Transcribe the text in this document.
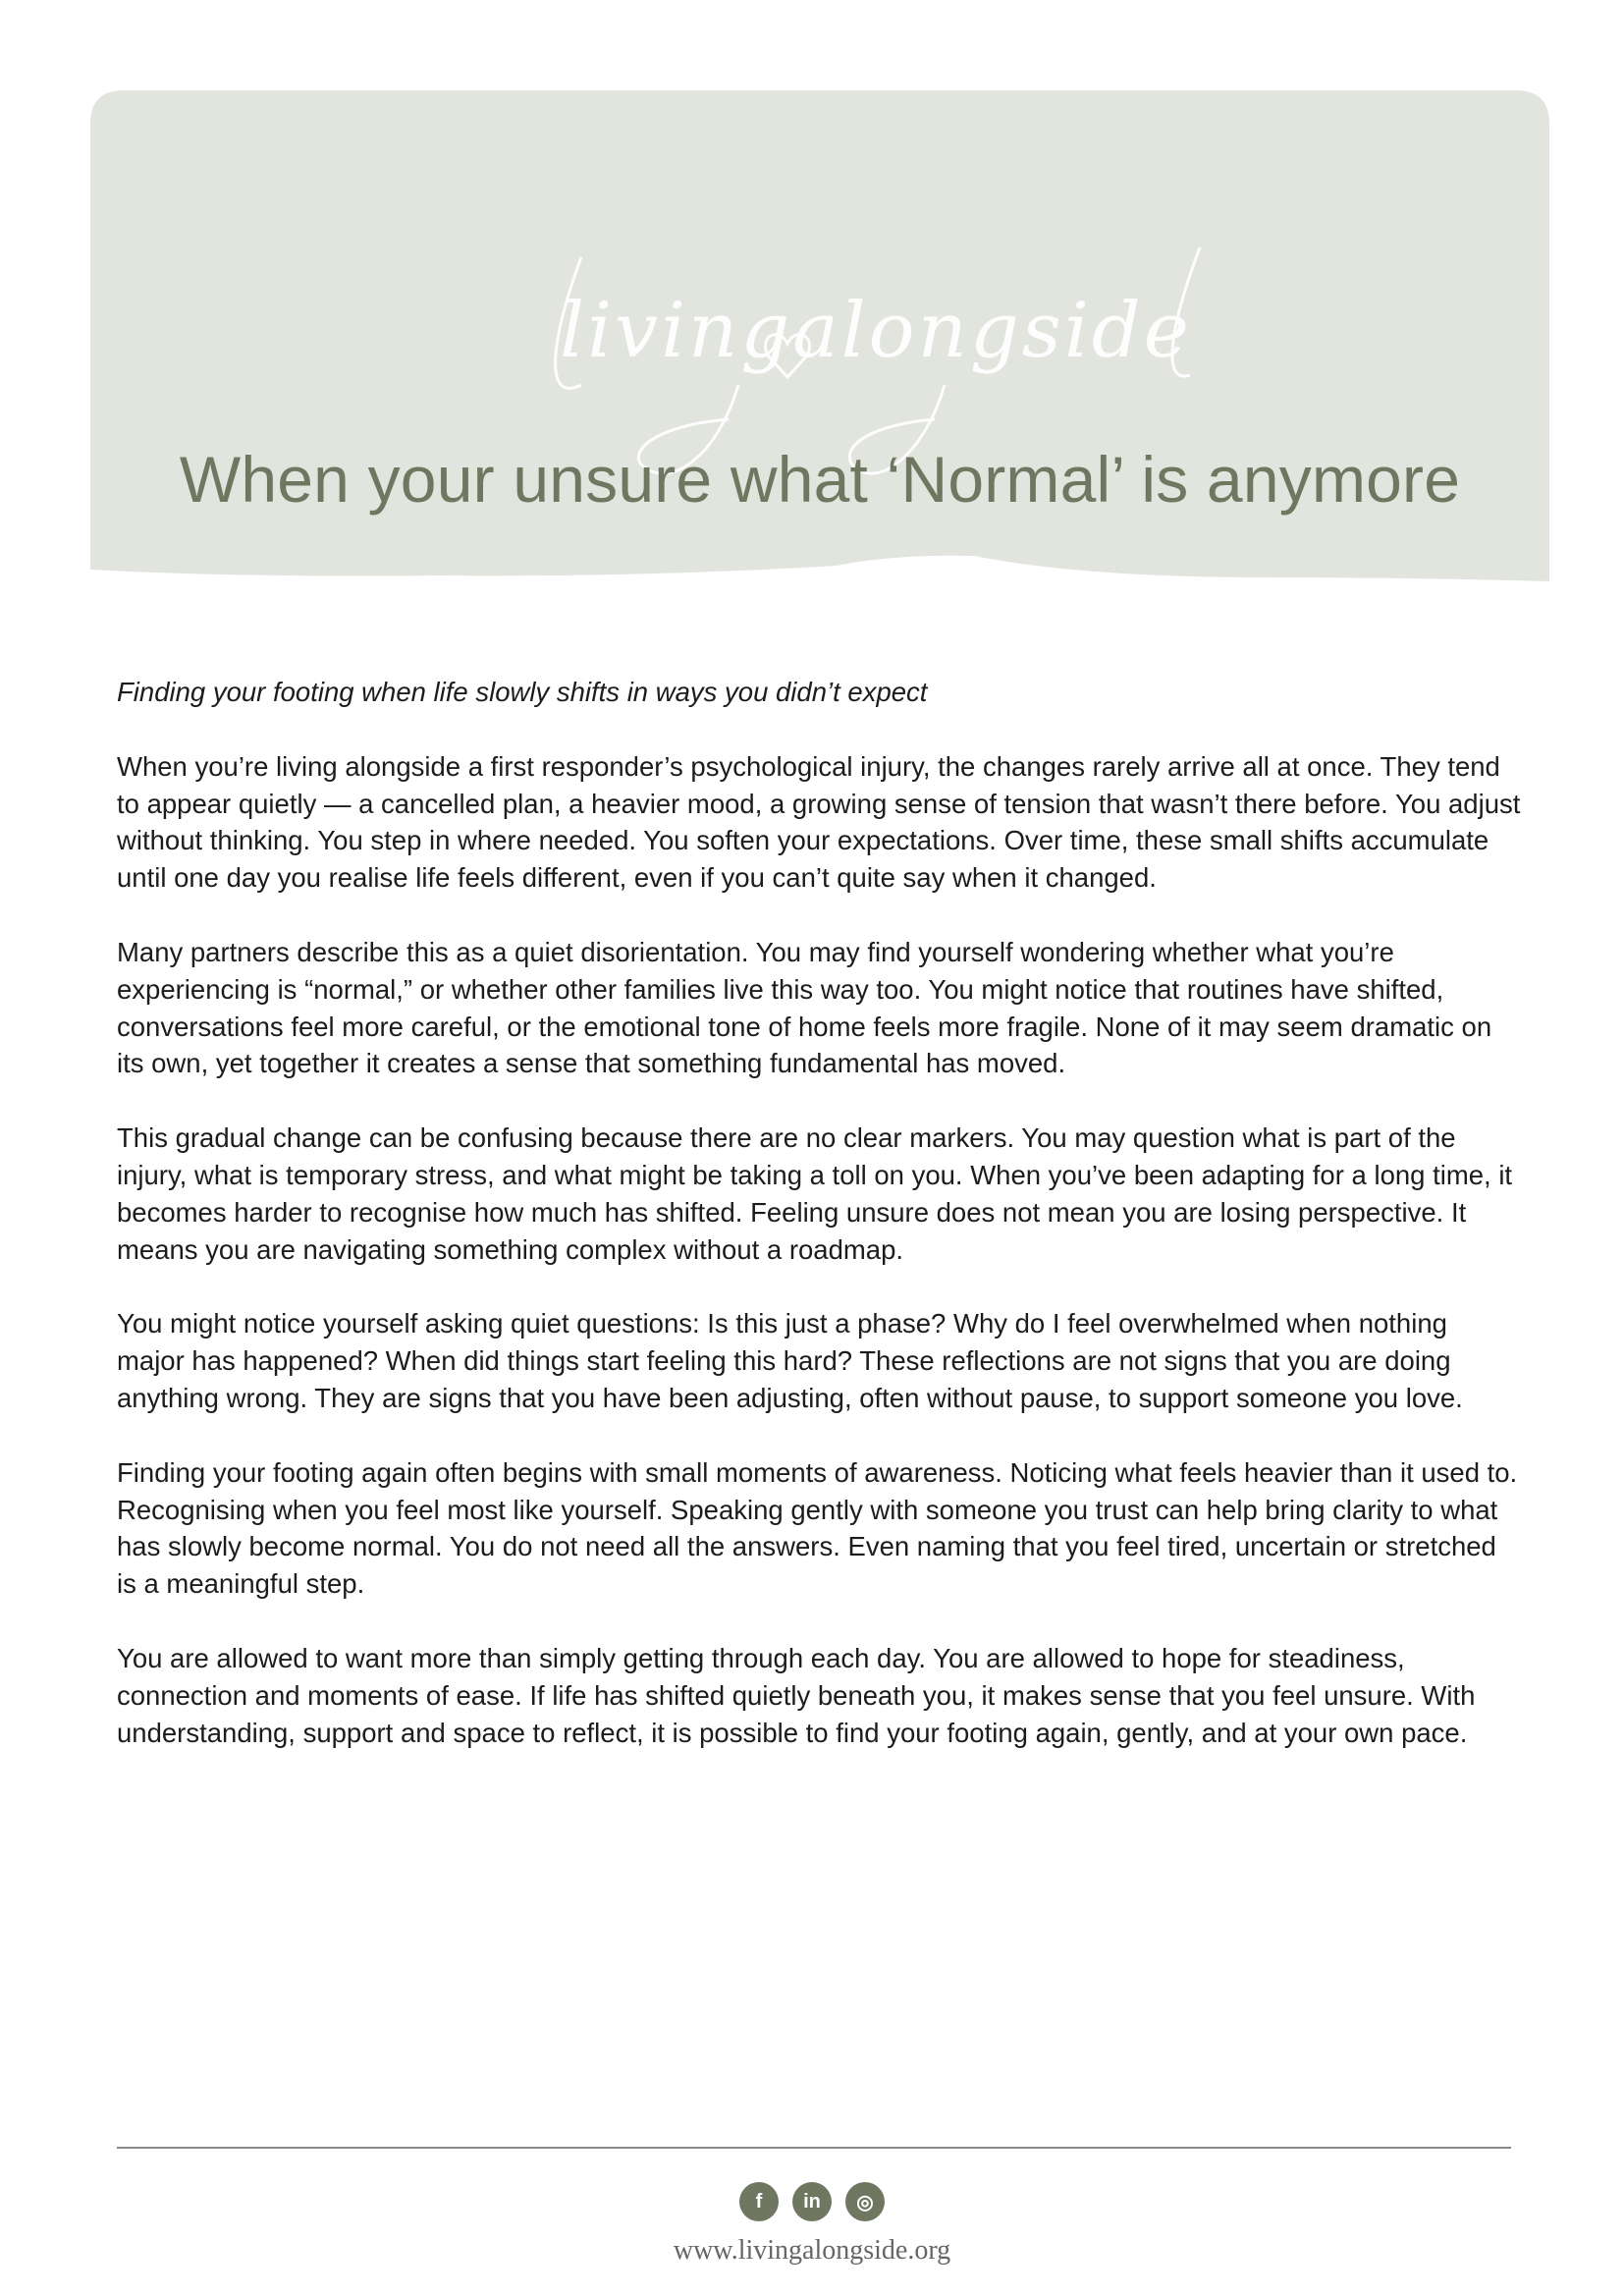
livingalongside
When your unsure what ‘Normal’ is anymore

Finding your footing when life slowly shifts in ways you didn’t expect

When you’re living alongside a first responder’s psychological injury, the changes rarely arrive all at once. They tend to appear quietly — a cancelled plan, a heavier mood, a growing sense of tension that wasn’t there before. You adjust without thinking. You step in where needed. You soften your expectations. Over time, these small shifts accumulate until one day you realise life feels different, even if you can’t quite say when it changed.

Many partners describe this as a quiet disorientation. You may find yourself wondering whether what you’re experiencing is “normal,” or whether other families live this way too. You might notice that routines have shifted, conversations feel more careful, or the emotional tone of home feels more fragile. None of it may seem dramatic on its own, yet together it creates a sense that something fundamental has moved.

This gradual change can be confusing because there are no clear markers. You may question what is part of the injury, what is temporary stress, and what might be taking a toll on you. When you’ve been adapting for a long time, it becomes harder to recognise how much has shifted. Feeling unsure does not mean you are losing perspective. It means you are navigating something complex without a roadmap.

You might notice yourself asking quiet questions: Is this just a phase? Why do I feel overwhelmed when nothing major has happened? When did things start feeling this hard? These reflections are not signs that you are doing anything wrong. They are signs that you have been adjusting, often without pause, to support someone you love.

Finding your footing again often begins with small moments of awareness. Noticing what feels heavier than it used to. Recognising when you feel most like yourself. Speaking gently with someone you trust can help bring clarity to what has slowly become normal. You do not need all the answers. Even naming that you feel tired, uncertain or stretched is a meaningful step.

You are allowed to want more than simply getting through each day. You are allowed to hope for steadiness, connection and moments of ease. If life has shifted quietly beneath you, it makes sense that you feel unsure. With understanding, support and space to reflect, it is possible to find your footing again, gently, and at your own pace.

f	in	◎
www.livingalongside.org
